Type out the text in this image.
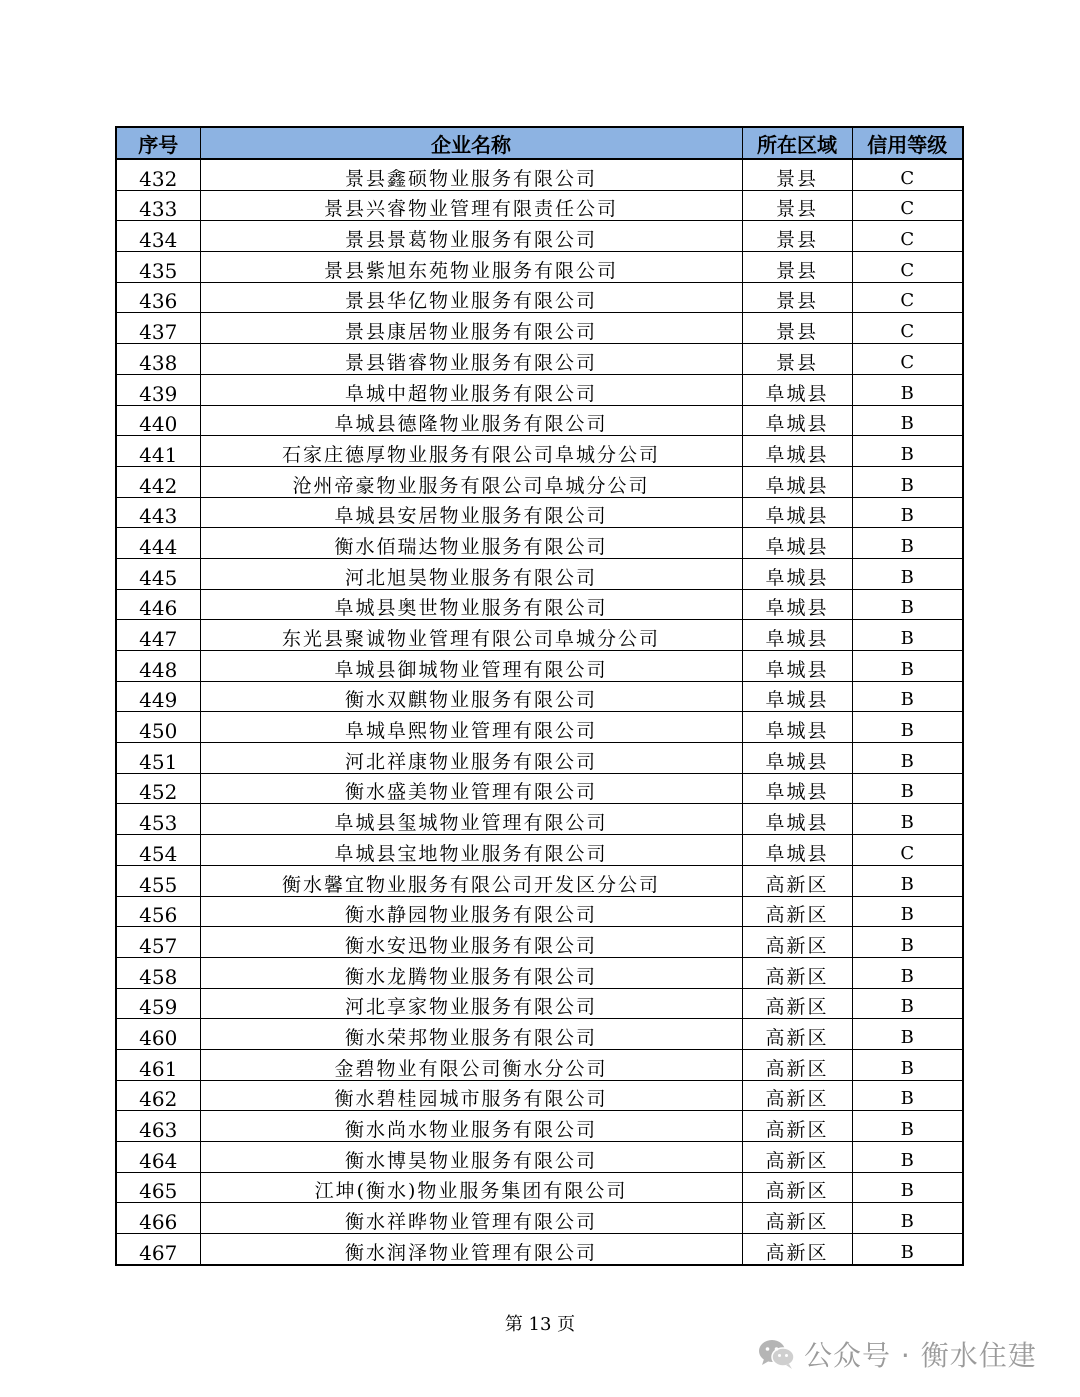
序号	企业名称	所在区域	信用等级
432	景县鑫硕物业服务有限公司	景县	C
433	景县兴睿物业管理有限责任公司	景县	C
434	景县景葛物业服务有限公司	景县	C
435	景县紫旭东苑物业服务有限公司	景县	C
436	景县华亿物业服务有限公司	景县	C
437	景县康居物业服务有限公司	景县	C
438	景县锴睿物业服务有限公司	景县	C
439	阜城中超物业服务有限公司	阜城县	B
440	阜城县德隆物业服务有限公司	阜城县	B
441	石家庄德厚物业服务有限公司阜城分公司	阜城县	B
442	沧州帝豪物业服务有限公司阜城分公司	阜城县	B
443	阜城县安居物业服务有限公司	阜城县	B
444	衡水佰瑞达物业服务有限公司	阜城县	B
445	河北旭昊物业服务有限公司	阜城县	B
446	阜城县奥世物业服务有限公司	阜城县	B
447	东光县聚诚物业管理有限公司阜城分公司	阜城县	B
448	阜城县御城物业管理有限公司	阜城县	B
449	衡水双麒物业服务有限公司	阜城县	B
450	阜城阜熙物业管理有限公司	阜城县	B
451	河北祥康物业服务有限公司	阜城县	B
452	衡水盛美物业管理有限公司	阜城县	B
453	阜城县玺城物业管理有限公司	阜城县	B
454	阜城县宝地物业服务有限公司	阜城县	C
455	衡水馨宜物业服务有限公司开发区分公司	高新区	B
456	衡水静园物业服务有限公司	高新区	B
457	衡水安迅物业服务有限公司	高新区	B
458	衡水龙腾物业服务有限公司	高新区	B
459	河北享家物业服务有限公司	高新区	B
460	衡水荣邦物业服务有限公司	高新区	B
461	金碧物业有限公司衡水分公司	高新区	B
462	衡水碧桂园城市服务有限公司	高新区	B
463	衡水尚水物业服务有限公司	高新区	B
464	衡水博昊物业服务有限公司	高新区	B
465	江坤(衡水)物业服务集团有限公司	高新区	B
466	衡水祥晔物业管理有限公司	高新区	B
467	衡水润泽物业管理有限公司	高新区	B
第 13 页
公众号 · 衡水住建
